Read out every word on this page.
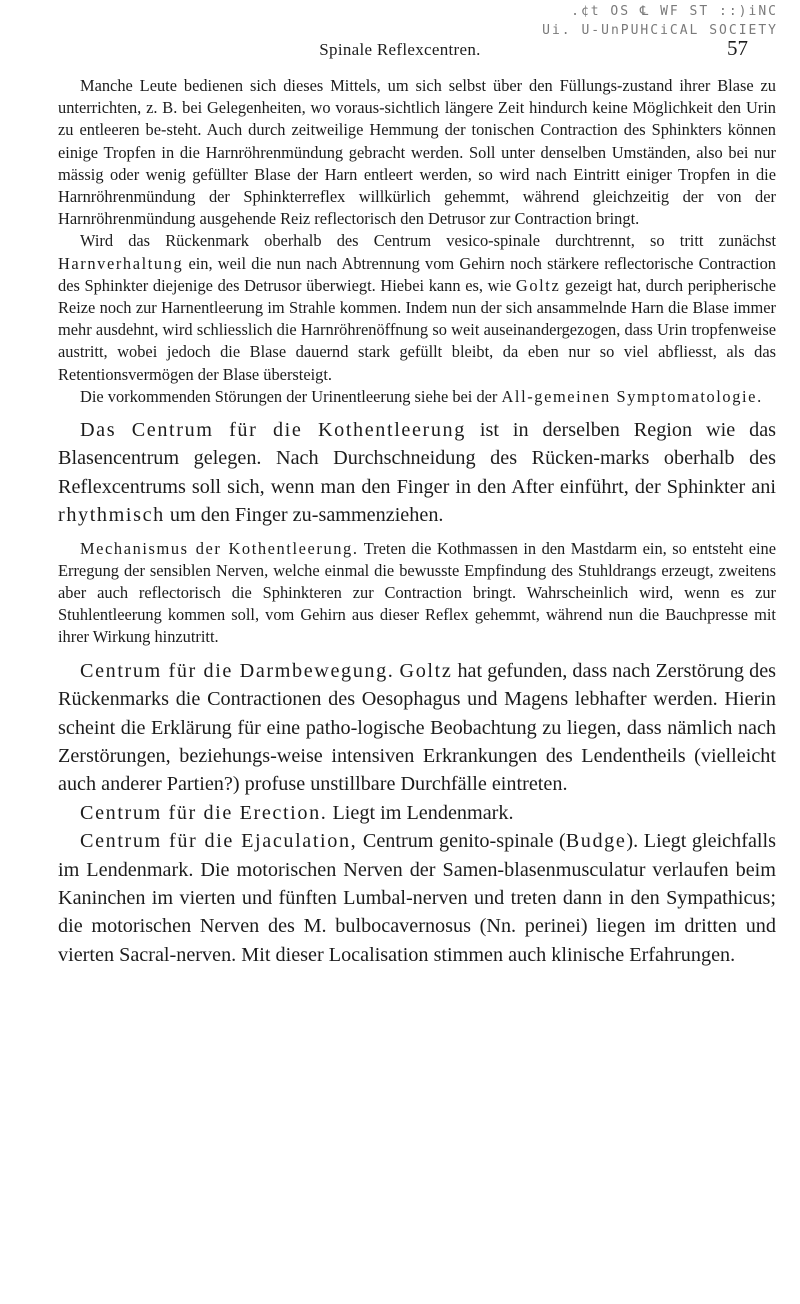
.¢t OS ℄ WF ST ::)iNC
Ui. U-UnPUHCiCAL SOCIETY
Spinale Reflexcentren.	57

Manche Leute bedienen sich dieses Mittels, um sich selbst über den Füllungs-zustand ihrer Blase zu unterrichten, z. B. bei Gelegenheiten, wo voraus-sichtlich längere Zeit hindurch keine Möglichkeit den Urin zu entleeren be-steht. Auch durch zeitweilige Hemmung der tonischen Contraction des Sphinkters können einige Tropfen in die Harnröhrenmündung gebracht werden. Soll unter denselben Umständen, also bei nur mässig oder wenig gefüllter Blase der Harn entleert werden, so wird nach Eintritt einiger Tropfen in die Harnröhrenmündung der Sphinkterreflex willkürlich gehemmt, während gleichzeitig der von der Harnröhrenmündung ausgehende Reiz reflectorisch den Detrusor zur Contraction bringt.

Wird das Rückenmark oberhalb des Centrum vesico-spinale durchtrennt, so tritt zunächst Harnverhaltung ein, weil die nun nach Abtrennung vom Gehirn noch stärkere reflectorische Contraction des Sphinkter diejenige des Detrusor überwiegt. Hiebei kann es, wie Goltz gezeigt hat, durch peripherische Reize noch zur Harnentleerung im Strahle kommen. Indem nun der sich ansammelnde Harn die Blase immer mehr ausdehnt, wird schliesslich die Harnröhrenöffnung so weit auseinandergezogen, dass Urin tropfenweise austritt, wobei jedoch die Blase dauernd stark gefüllt bleibt, da eben nur so viel abfliesst, als das Retentionsvermögen der Blase übersteigt.

Die vorkommenden Störungen der Urinentleerung siehe bei der All-gemeinen Symptomatologie.

Das Centrum für die Kothentleerung ist in derselben Region wie das Blasencentrum gelegen. Nach Durchschneidung des Rücken-marks oberhalb des Reflexcentrums soll sich, wenn man den Finger in den After einführt, der Sphinkter ani rhythmisch um den Finger zu-sammenziehen.

Mechanismus der Kothentleerung. Treten die Kothmassen in den Mastdarm ein, so entsteht eine Erregung der sensiblen Nerven, welche einmal die bewusste Empfindung des Stuhldrangs erzeugt, zweitens aber auch reflectorisch die Sphinkteren zur Contraction bringt. Wahrscheinlich wird, wenn es zur Stuhlentleerung kommen soll, vom Gehirn aus dieser Reflex gehemmt, während nun die Bauchpresse mit ihrer Wirkung hinzutritt.

Centrum für die Darmbewegung. Goltz hat gefunden, dass nach Zerstörung des Rückenmarks die Contractionen des Oesophagus und Magens lebhafter werden. Hierin scheint die Erklärung für eine patho-logische Beobachtung zu liegen, dass nämlich nach Zerstörungen, beziehungs-weise intensiven Erkrankungen des Lendentheils (vielleicht auch anderer Partien?) profuse unstillbare Durchfälle eintreten.

Centrum für die Erection. Liegt im Lendenmark.

Centrum für die Ejaculation, Centrum genito-spinale (Budge). Liegt gleichfalls im Lendenmark. Die motorischen Nerven der Samen-blasenmusculatur verlaufen beim Kaninchen im vierten und fünften Lumbal-nerven und treten dann in den Sympathicus; die motorischen Nerven des M. bulbocavernosus (Nn. perinei) liegen im dritten und vierten Sacral-nerven. Mit dieser Localisation stimmen auch klinische Erfahrungen.
